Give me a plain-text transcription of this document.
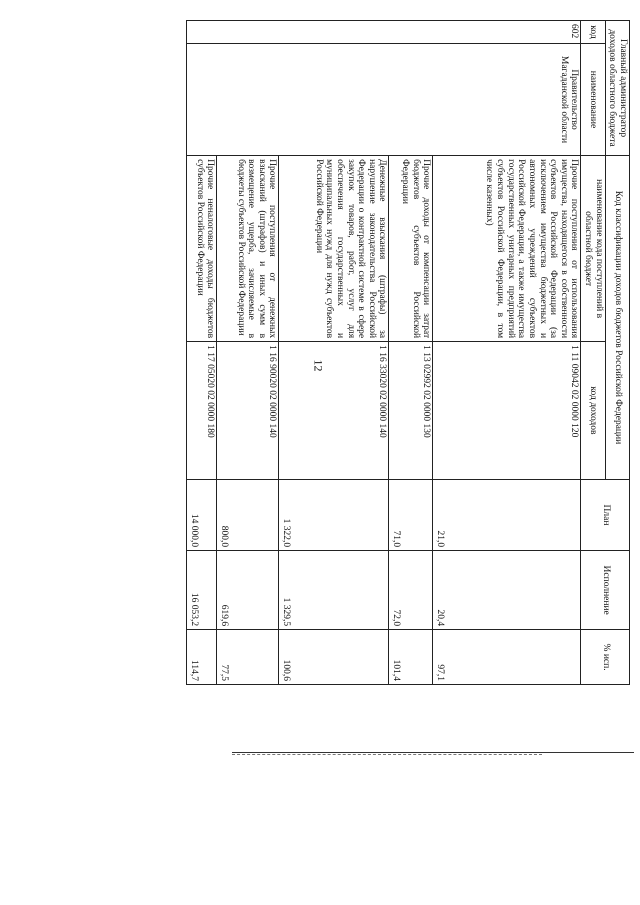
12
Главный администратор доходов областного бюджета		Код классификации доходов бюджетов Российской Федерации		План	Исполнение	% исп.
код	наименование	наименование кода поступлений в областной бюджет	код доходов			
602	Правительство Магаданской области	Прочие поступления от использования имущества, находящегося в собственности субъектов Российской Федерации (за исключением имущества бюджетных и автономных учреждений субъектов Российской Федерации, а также имущества государственных унитарных предприятий субъектов Российской Федерации, в том числе казенных)	1 11 09042 02 0000 120	21,0	20,4	97,1
		Прочие доходы от компенсации затрат бюджетов субъектов Российской Федерации	1 13 02992 02 0000 130	71,0	72,0	101,4
		Денежные взыскания (штрафы) за нарушение законодательства Российской Федерации о контрактной системе в сфере закупок товаров, работ, услуг для обеспечения государственных и муниципальных нужд для нужд субъектов Российской Федерации	1 16 33020 02 0000 140	1 322,0	1 329,5	100,6
		Прочие поступления от денежных взысканий (штрафов) и иных сумм в возмещение ущерба, зачисляемые в бюджеты субъектов Российской Федерации	1 16 90020 02 0000 140	800,0	619,6	77,5
		Прочие неналоговые доходы бюджетов субъектов Российской Федерации	1 17 05020 02 0000 180	14 000,0	16 053,2	114,7
